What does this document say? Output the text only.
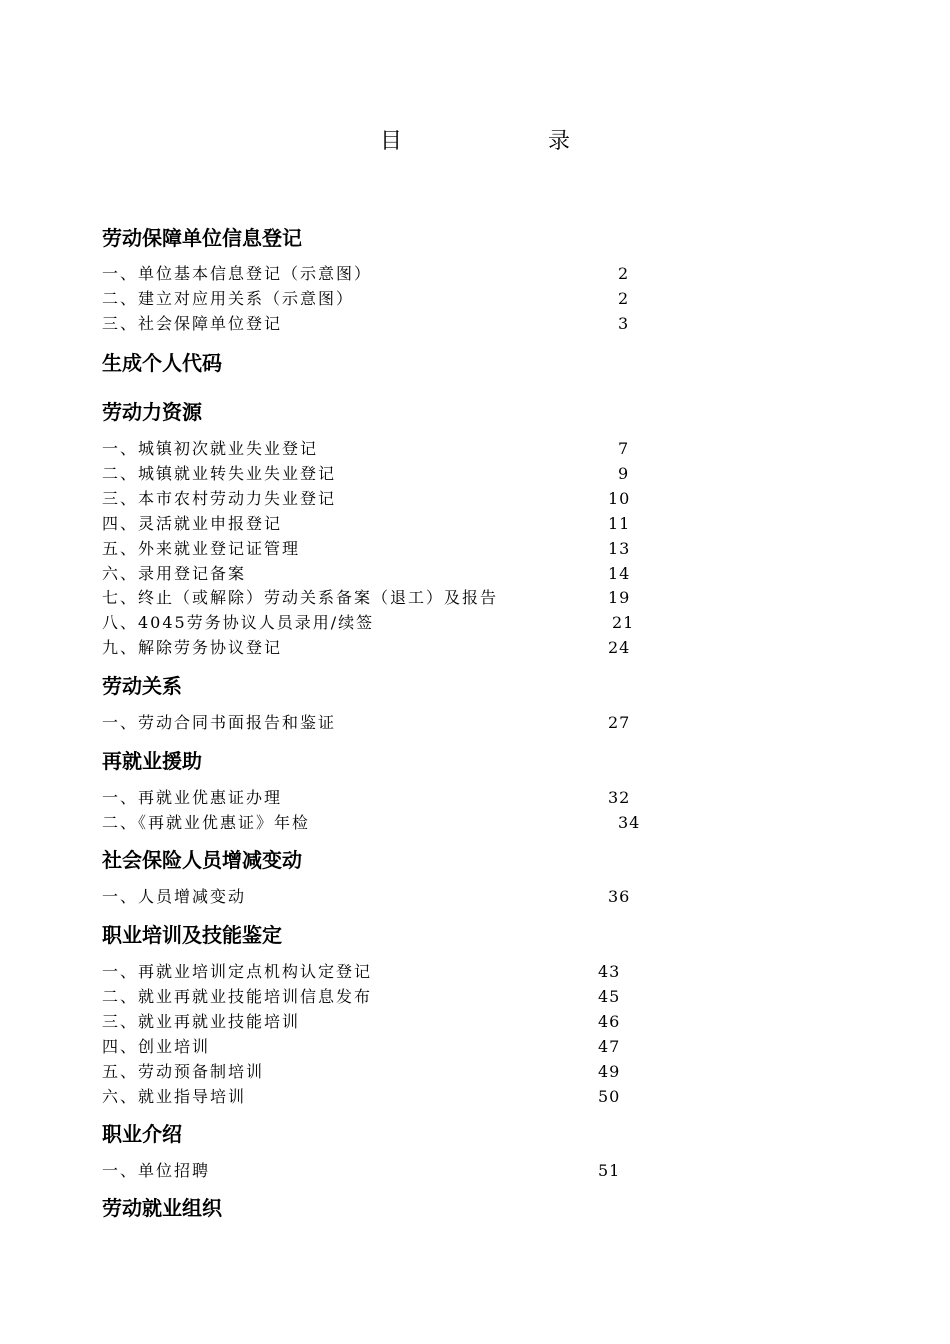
目	录
劳动保障单位信息登记
一、单位基本信息登记（示意图）	2
二、建立对应用关系（示意图）	2
三、社会保障单位登记	3
生成个人代码
劳动力资源
一、城镇初次就业失业登记	7
二、城镇就业转失业失业登记	9
三、本市农村劳动力失业登记	10
四、灵活就业申报登记	11
五、外来就业登记证管理	13
六、录用登记备案	14
七、终止（或解除）劳动关系备案（退工）及报告	19
八、4045劳务协议人员录用/续签	21
九、解除劳务协议登记	24
劳动关系
一、劳动合同书面报告和鉴证	27
再就业援助
一、再就业优惠证办理	32
二、《再就业优惠证》年检	34
社会保险人员增减变动
一、人员增减变动	36
职业培训及技能鉴定
一、再就业培训定点机构认定登记	43
二、就业再就业技能培训信息发布	45
三、就业再就业技能培训	46
四、创业培训	47
五、劳动预备制培训	49
六、就业指导培训	50
职业介绍
一、单位招聘	51
劳动就业组织
